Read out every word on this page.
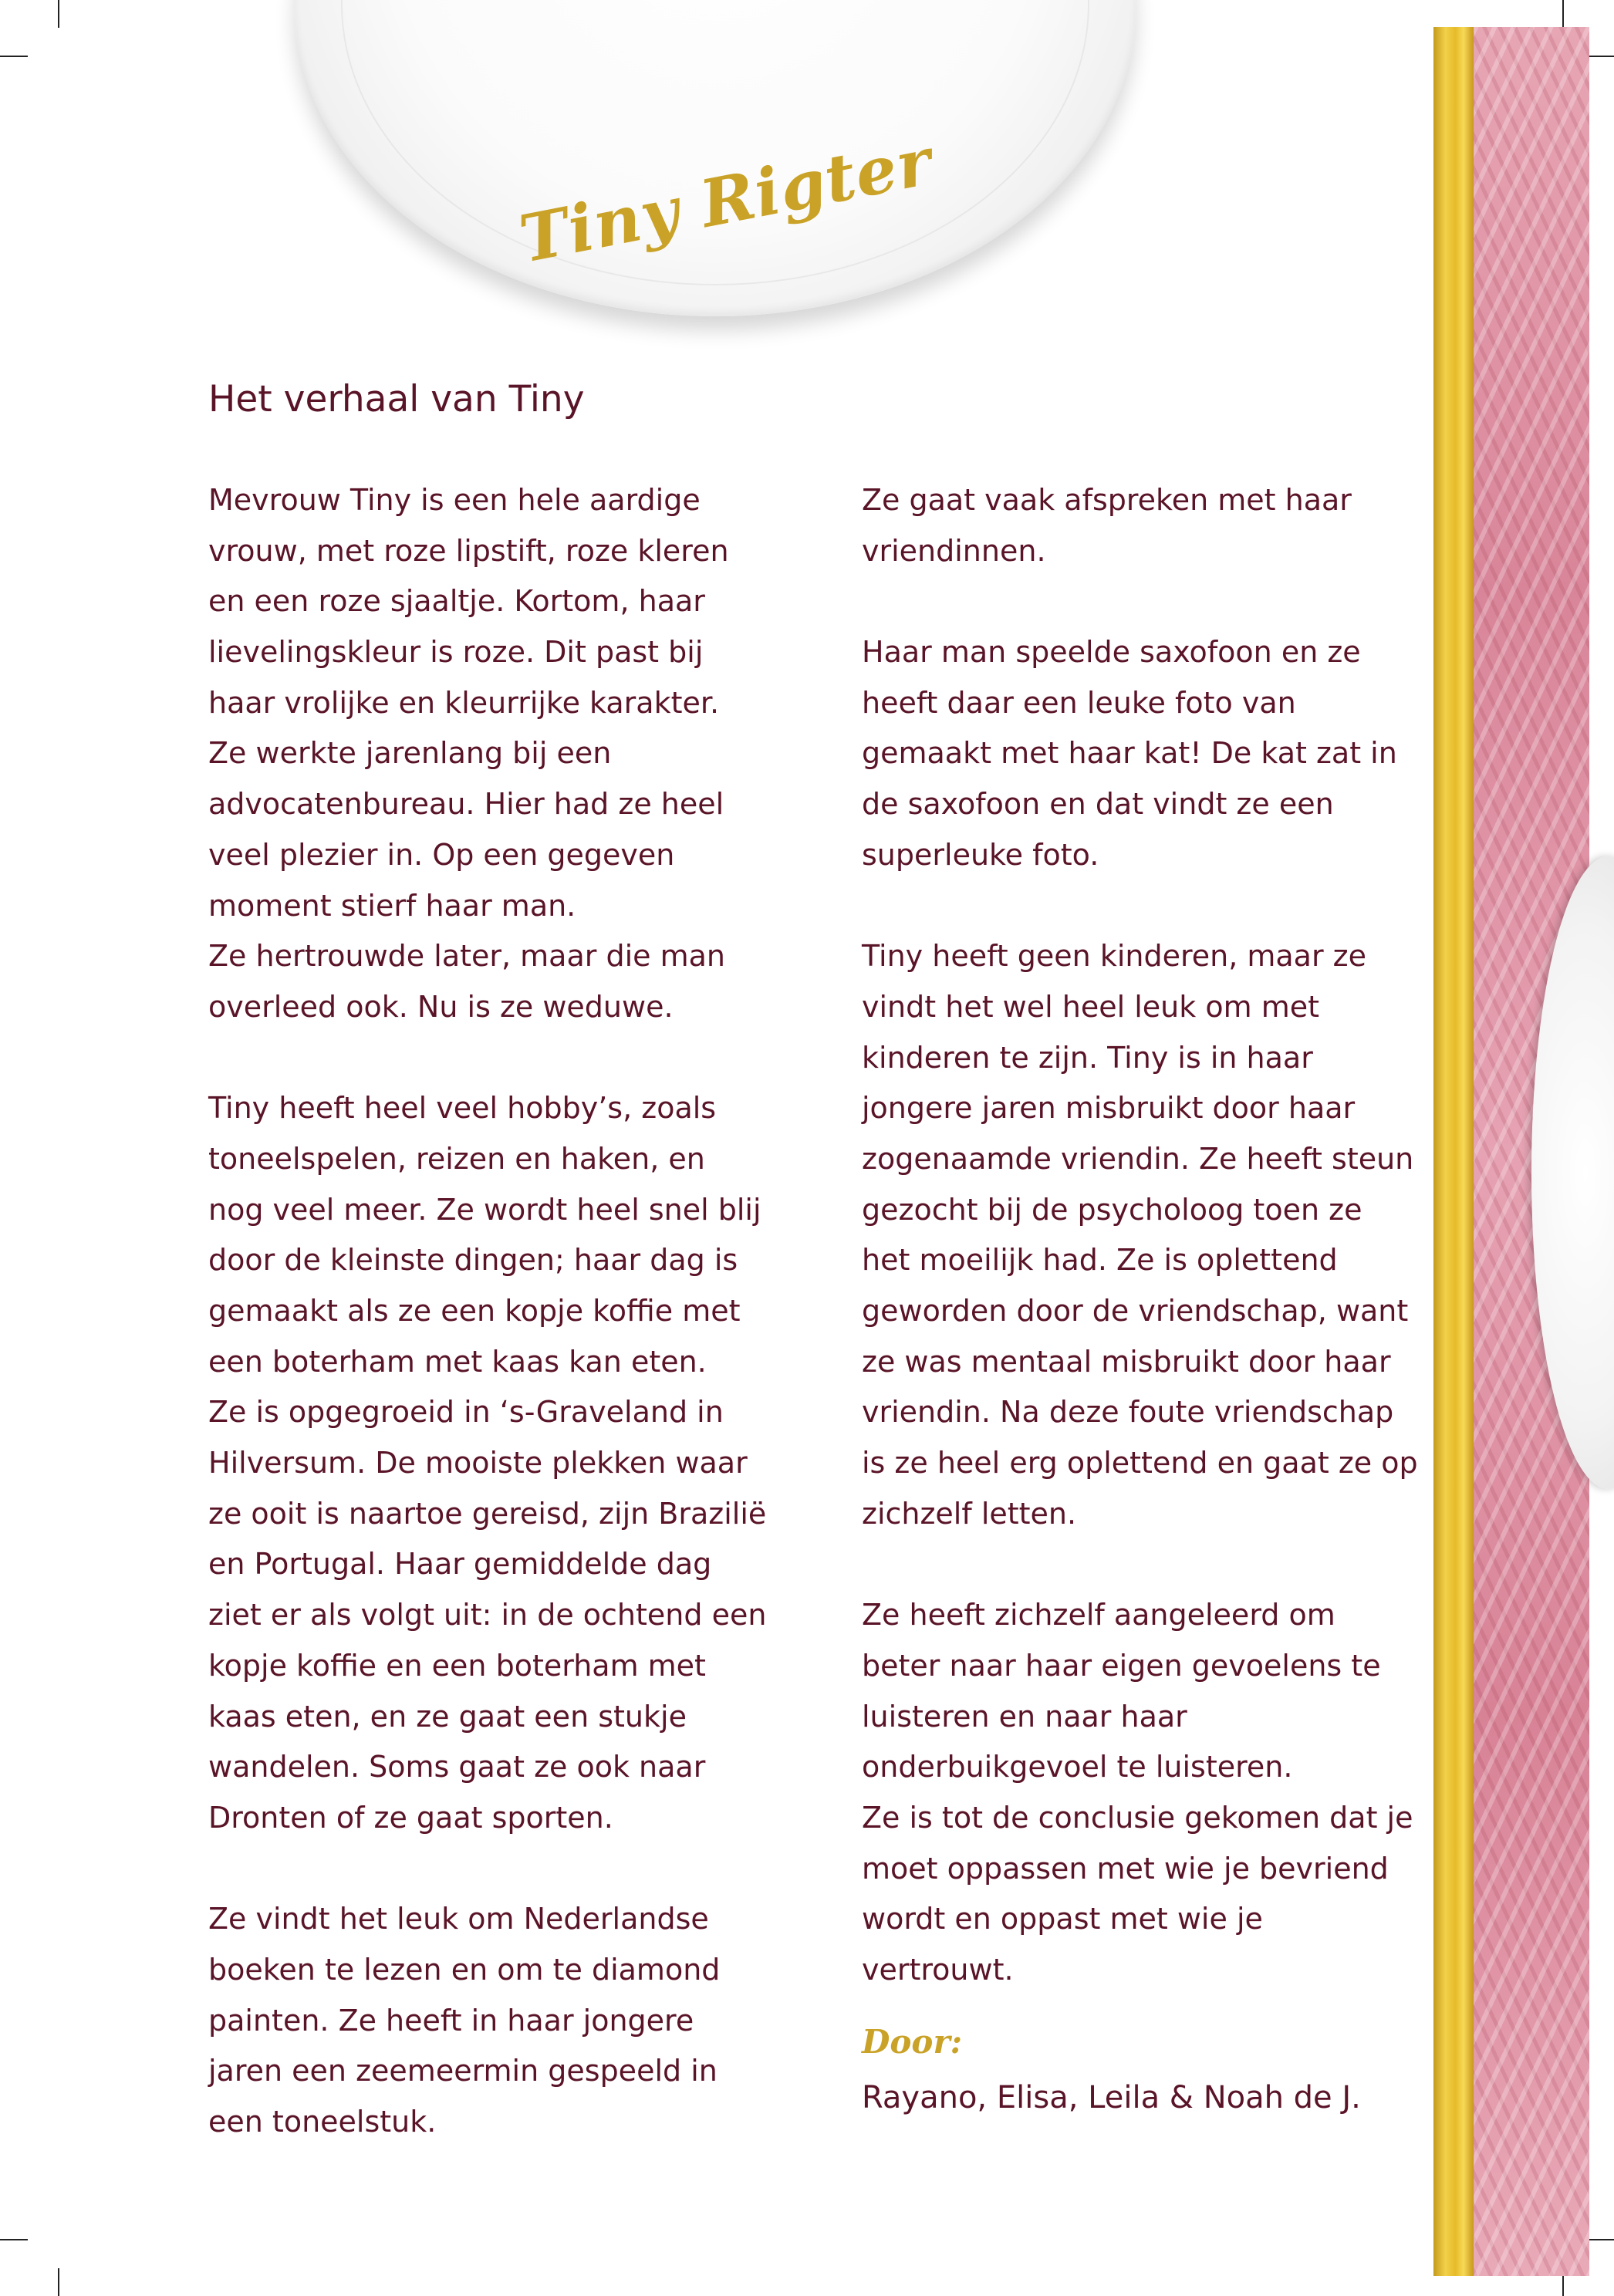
Tiny Rigter
Het verhaal van Tiny
Mevrouw Tiny is een hele aardige
vrouw, met roze lipstift, roze kleren
en een roze sjaaltje. Kortom, haar
lievelingskleur is roze. Dit past bij
haar vrolijke en kleurrijke karakter.
Ze werkte jarenlang bij een
advocatenbureau. Hier had ze heel
veel plezier in. Op een gegeven
moment stierf haar man.
Ze hertrouwde later, maar die man
overleed ook. Nu is ze weduwe.
Tiny heeft heel veel hobby’s, zoals
toneelspelen, reizen en haken, en
nog veel meer. Ze wordt heel snel blij
door de kleinste dingen; haar dag is
gemaakt als ze een kopje koffie met
een boterham met kaas kan eten.
Ze is opgegroeid in ‘s-Graveland in
Hilversum. De mooiste plekken waar
ze ooit is naartoe gereisd, zijn Brazilië
en Portugal. Haar gemiddelde dag
ziet er als volgt uit: in de ochtend een
kopje koffie en een boterham met
kaas eten, en ze gaat een stukje
wandelen. Soms gaat ze ook naar
Dronten of ze gaat sporten.
Ze vindt het leuk om Nederlandse
boeken te lezen en om te diamond
painten. Ze heeft in haar jongere
jaren een zeemeermin gespeeld in
een toneelstuk.
Ze gaat vaak afspreken met haar
vriendinnen.
Haar man speelde saxofoon en ze
heeft daar een leuke foto van
gemaakt met haar kat! De kat zat in
de saxofoon en dat vindt ze een
superleuke foto.
Tiny heeft geen kinderen, maar ze
vindt het wel heel leuk om met
kinderen te zijn. Tiny is in haar
jongere jaren misbruikt door haar
zogenaamde vriendin. Ze heeft steun
gezocht bij de psycholoog toen ze
het moeilijk had. Ze is oplettend
geworden door de vriendschap, want
ze was mentaal misbruikt door haar
vriendin. Na deze foute vriendschap
is ze heel erg oplettend en gaat ze op
zichzelf letten.
Ze heeft zichzelf aangeleerd om
beter naar haar eigen gevoelens te
luisteren en naar haar
onderbuikgevoel te luisteren.
Ze is tot de conclusie gekomen dat je
moet oppassen met wie je bevriend
wordt en oppast met wie je
vertrouwt.
Door:
Rayano, Elisa, Leila & Noah de J.
